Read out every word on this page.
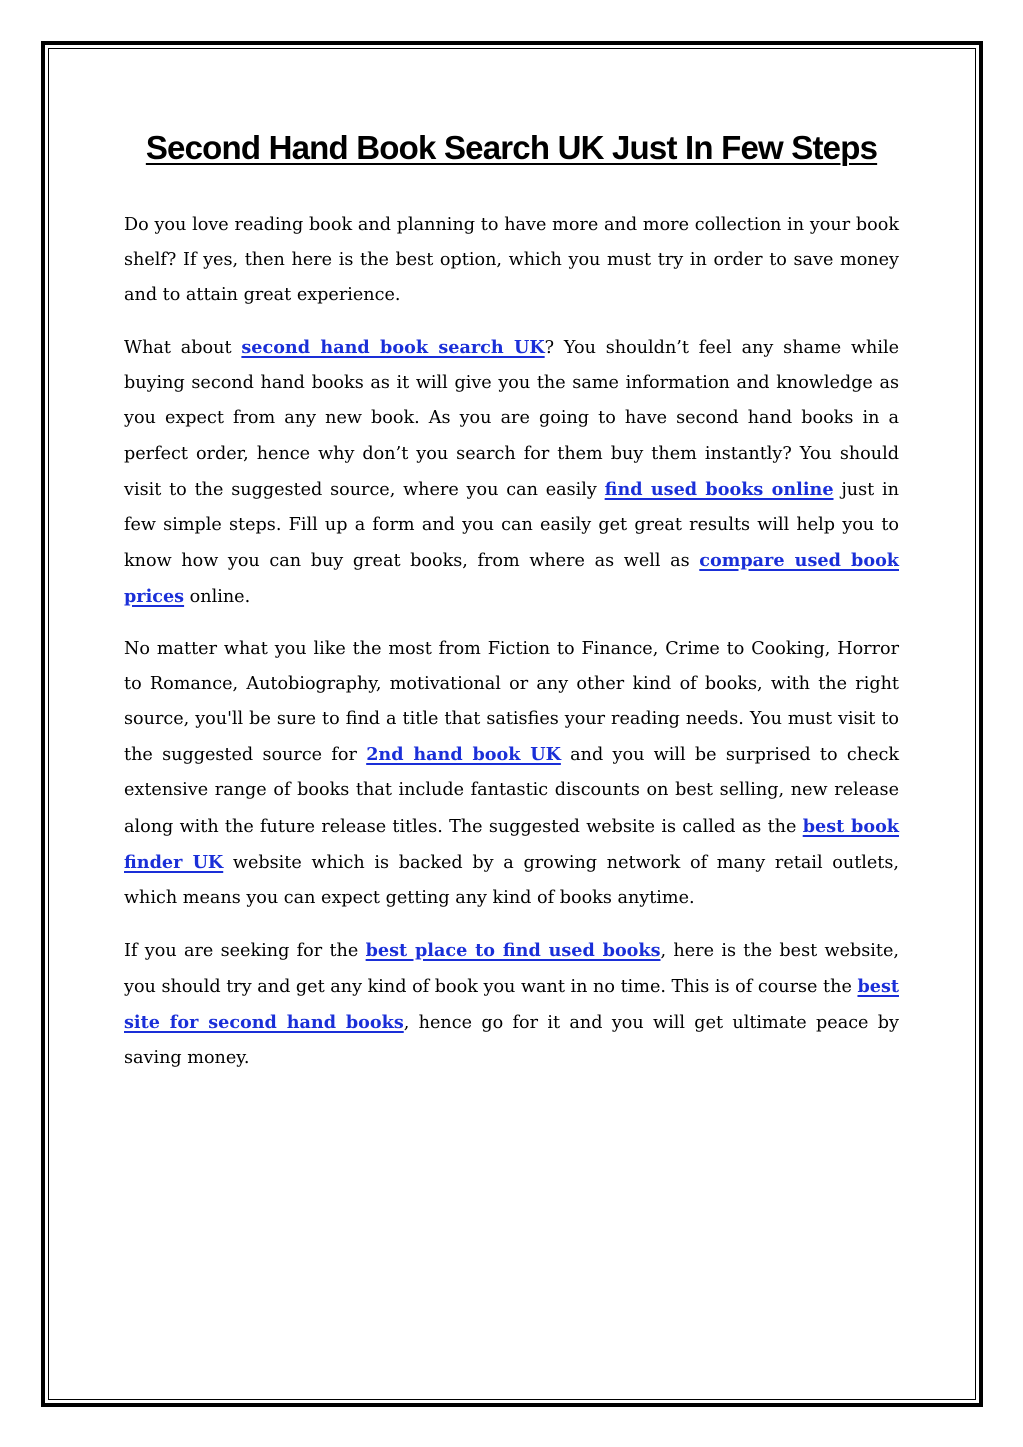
Second Hand Book Search UK Just In Few Steps

Do you love reading book and planning to have more and more collection in your book shelf? If yes, then here is the best option, which you must try in order to save money and to attain great experience.

What about second hand book search UK? You shouldn’t feel any shame while buying second hand books as it will give you the same information and knowledge as you expect from any new book. As you are going to have second hand books in a perfect order, hence why don’t you search for them buy them instantly? You should visit to the suggested source, where you can easily find used books online just in few simple steps. Fill up a form and you can easily get great results will help you to know how you can buy great books, from where as well as compare used book prices online.

No matter what you like the most from Fiction to Finance, Crime to Cooking, Horror to Romance, Autobiography, motivational or any other kind of books, with the right source, you'll be sure to find a title that satisfies your reading needs. You must visit to the suggested source for 2nd hand book UK and you will be surprised to check extensive range of books that include fantastic discounts on best selling, new release along with the future release titles. The suggested website is called as the best book finder UK website which is backed by a growing network of many retail outlets, which means you can expect getting any kind of books anytime.

If you are seeking for the best place to find used books, here is the best website, you should try and get any kind of book you want in no time. This is of course the best site for second hand books, hence go for it and you will get ultimate peace by saving money.
